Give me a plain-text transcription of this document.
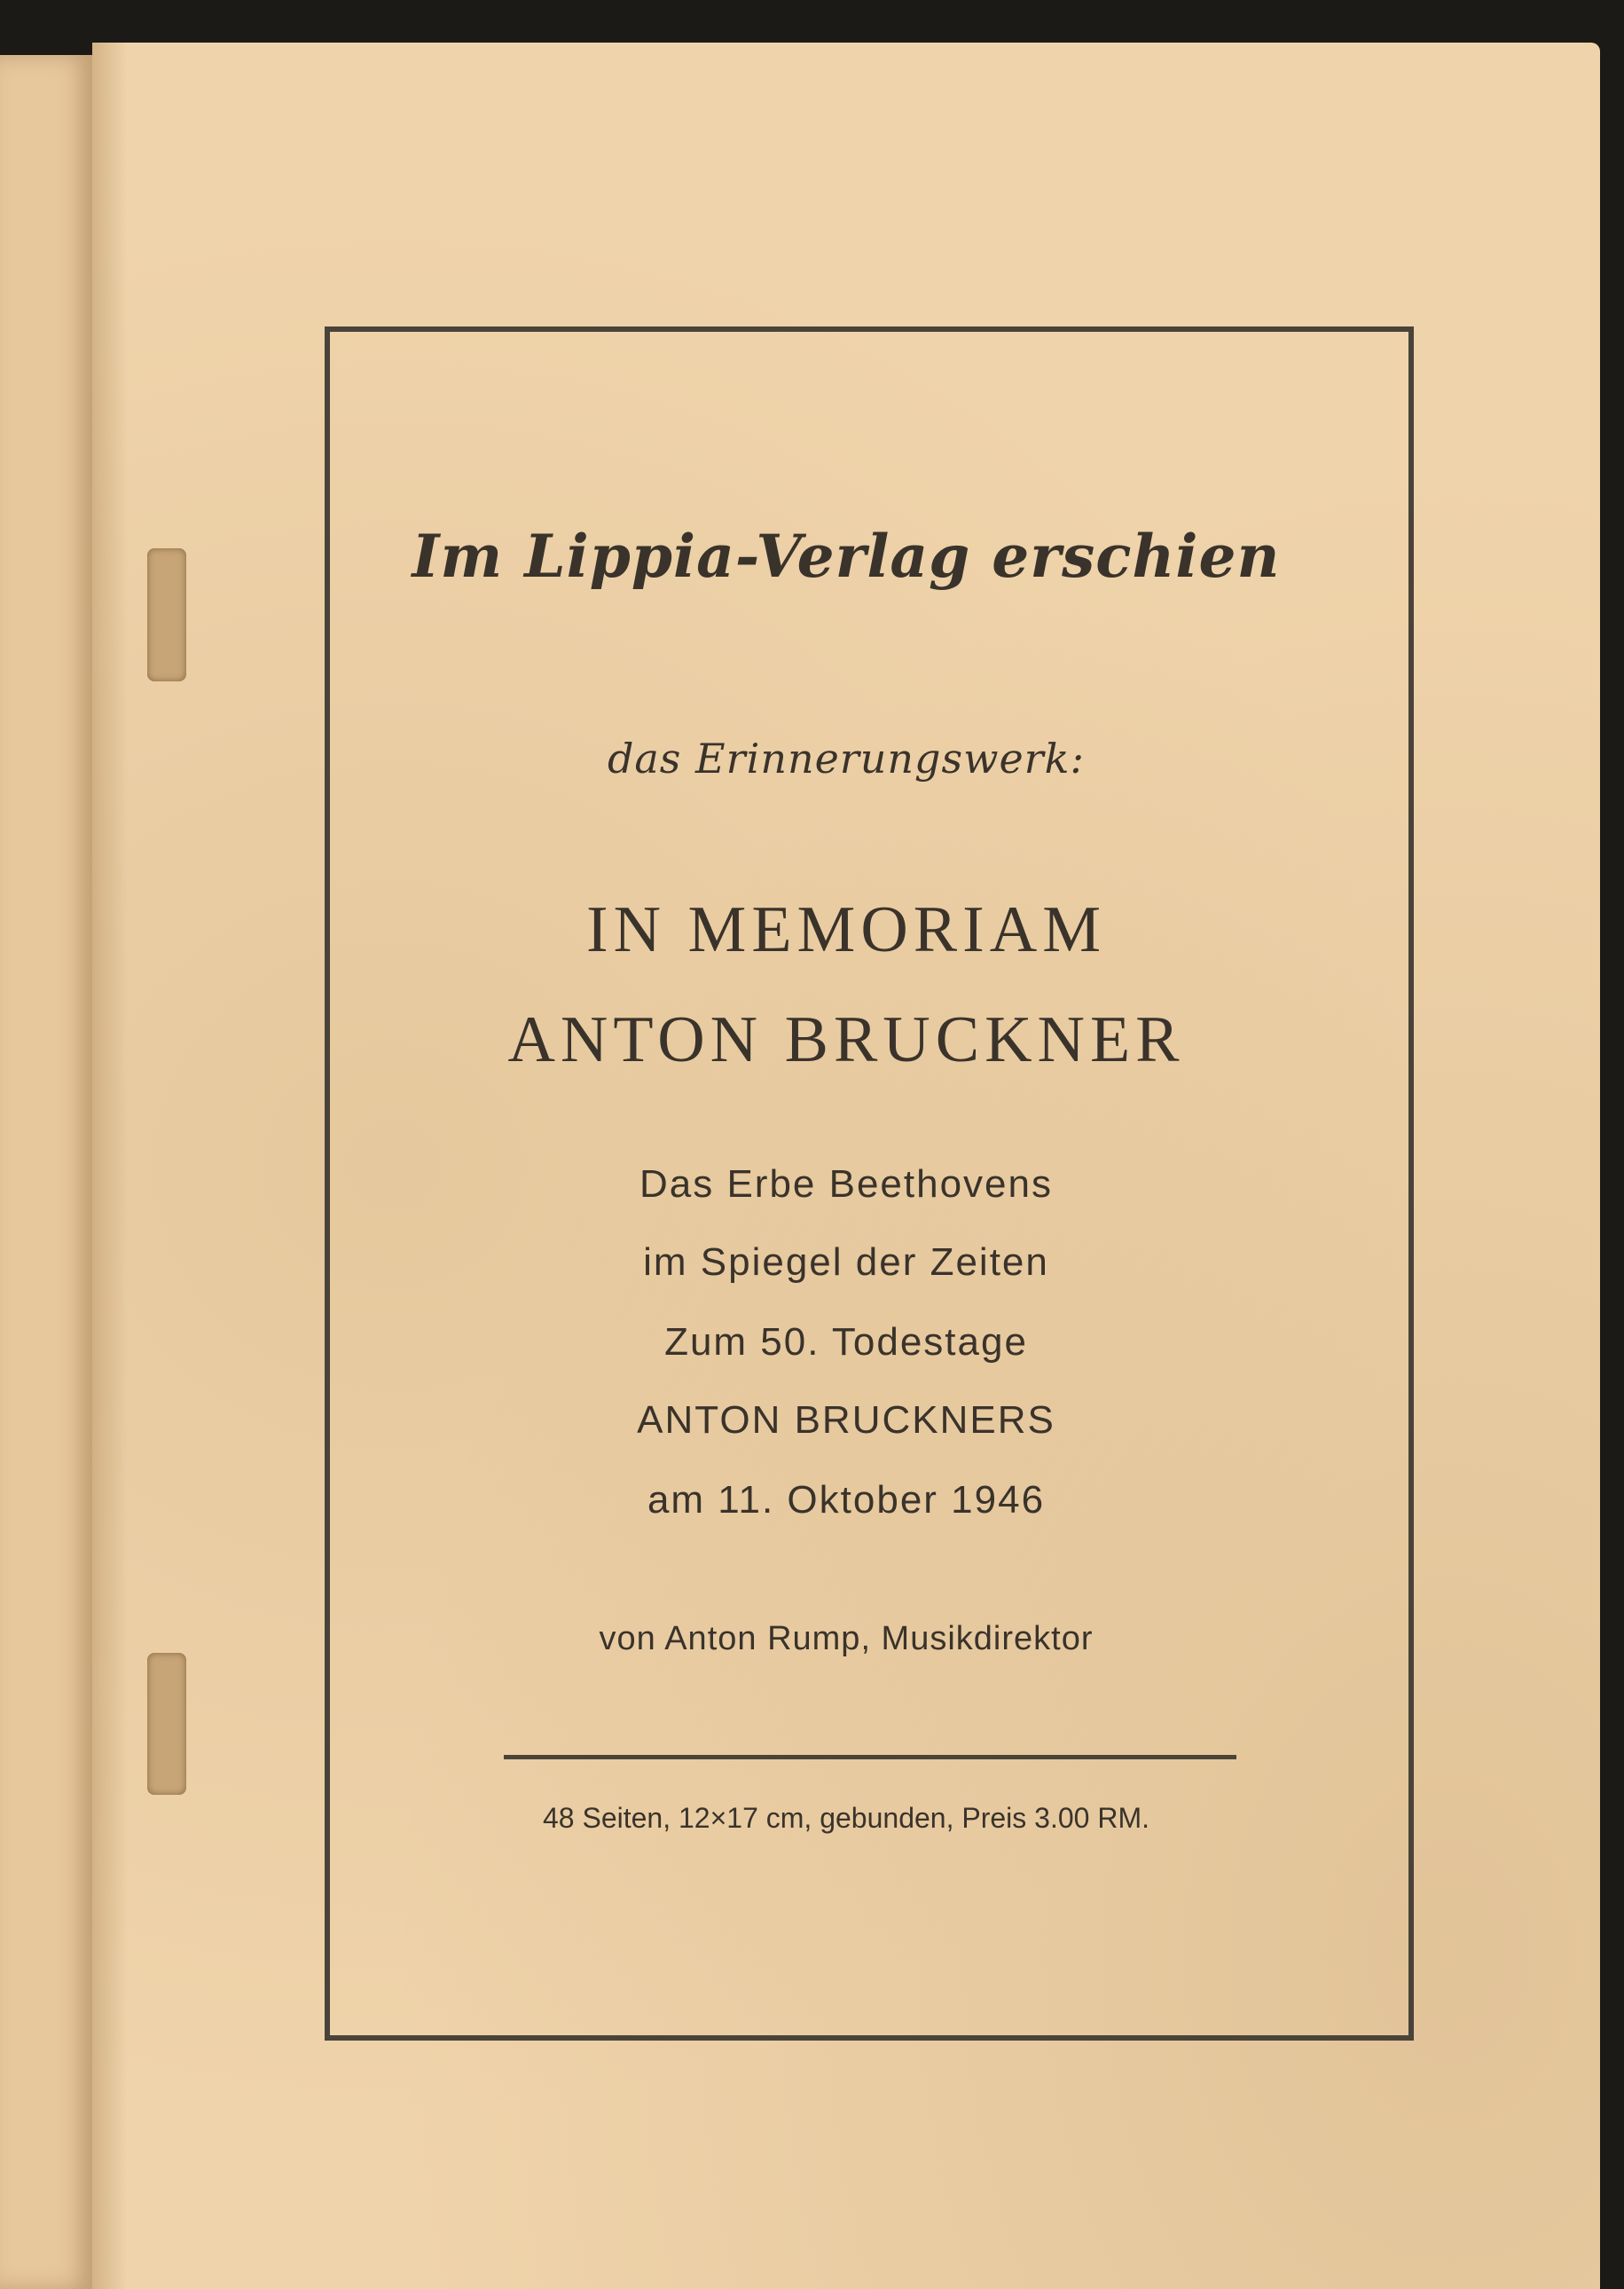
Im Lippia-Verlag erschien
das Erinnerungswerk:
IN MEMORIAM
ANTON BRUCKNER
Das Erbe Beethovens
im Spiegel der Zeiten
Zum 50. Todestage
ANTON BRUCKNERS
am 11. Oktober 1946
von Anton Rump, Musikdirektor
48 Seiten, 12×17 cm, gebunden, Preis 3.00 RM.
